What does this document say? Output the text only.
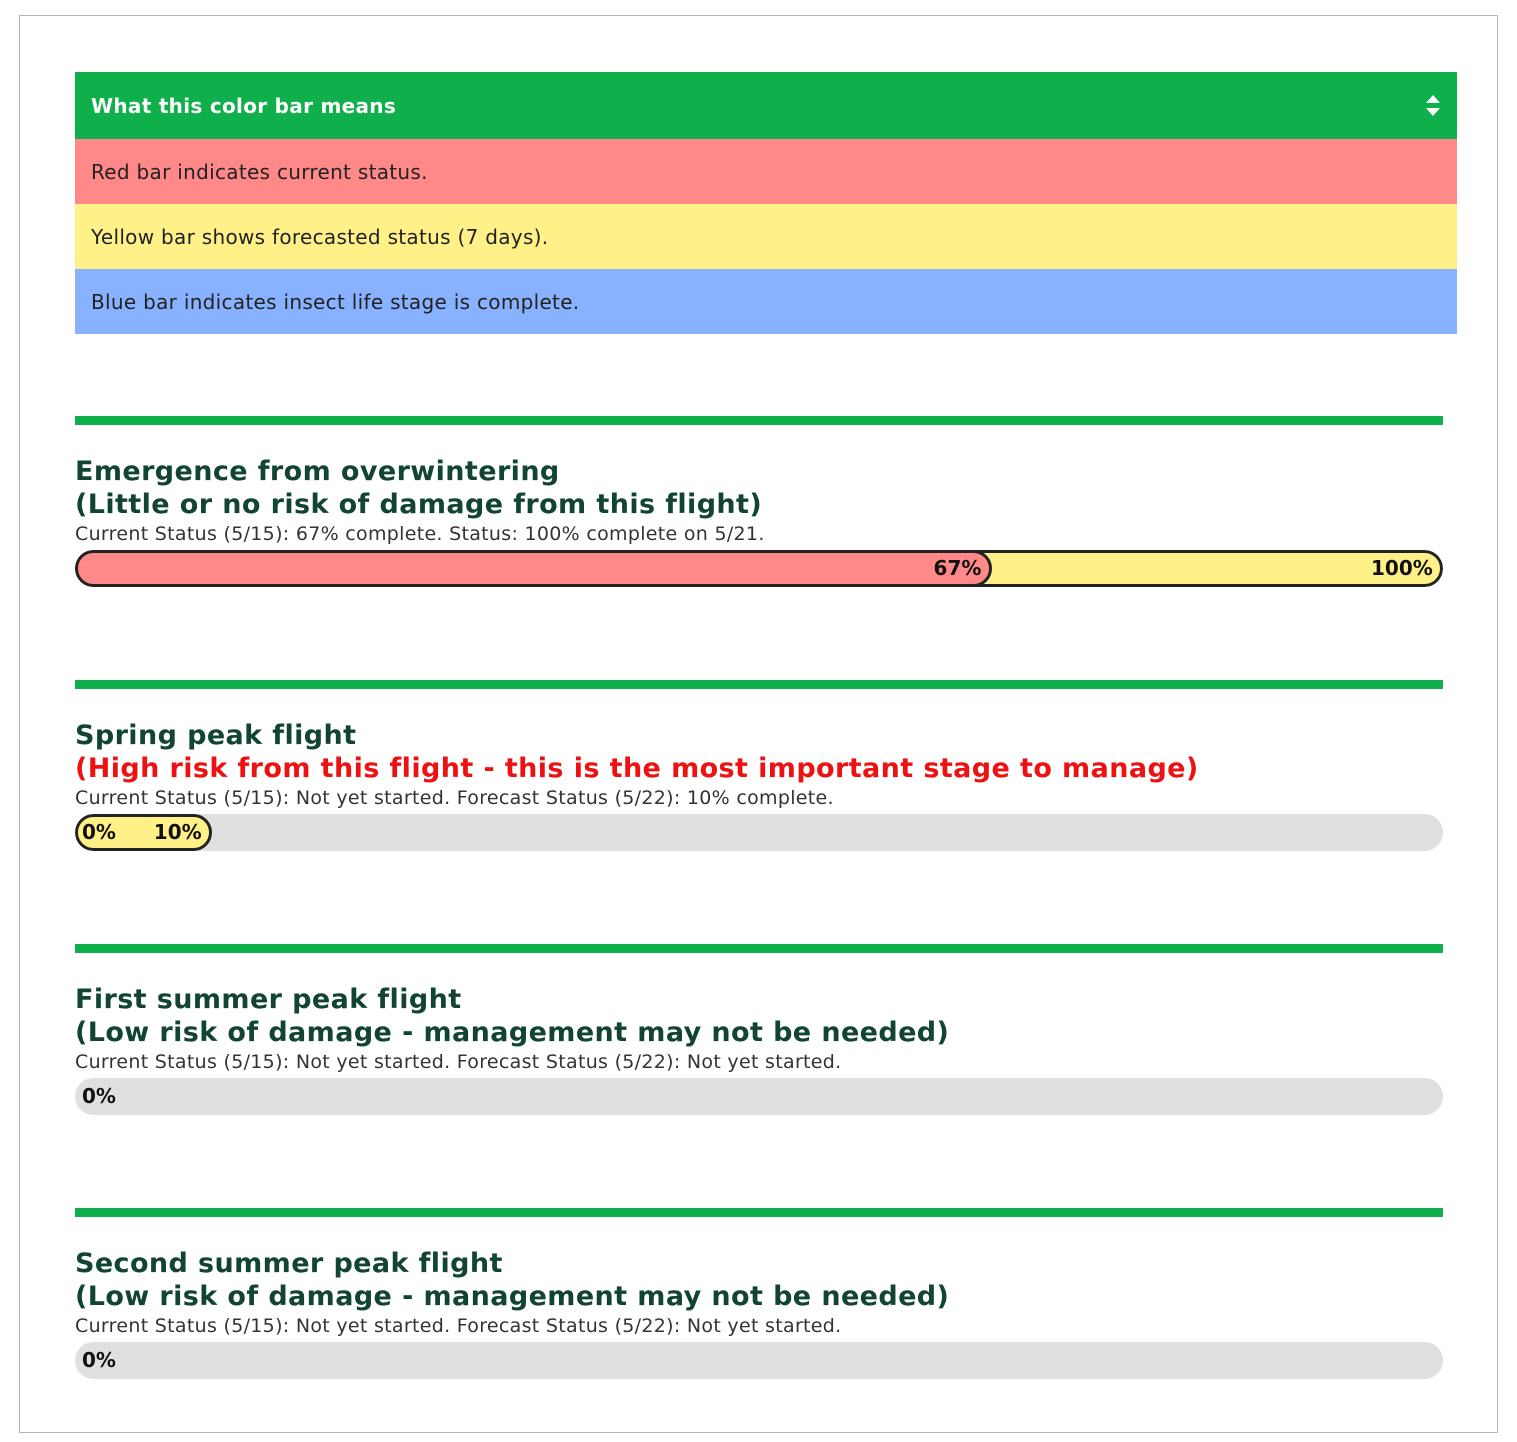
What this color bar means
Red bar indicates current status.
Yellow bar shows forecasted status (7 days).
Blue bar indicates insect life stage is complete.
Emergence from overwintering
(Little or no risk of damage from this flight)
Current Status (5/15): 67% complete. Status: 100% complete on 5/21.
67%	100%
Spring peak flight
(High risk from this flight - this is the most important stage to manage)
Current Status (5/15): Not yet started. Forecast Status (5/22): 10% complete.
0% 10%
First summer peak flight
(Low risk of damage - management may not be needed)
Current Status (5/15): Not yet started. Forecast Status (5/22): Not yet started.
0%
Second summer peak flight
(Low risk of damage - management may not be needed)
Current Status (5/15): Not yet started. Forecast Status (5/22): Not yet started.
0%
